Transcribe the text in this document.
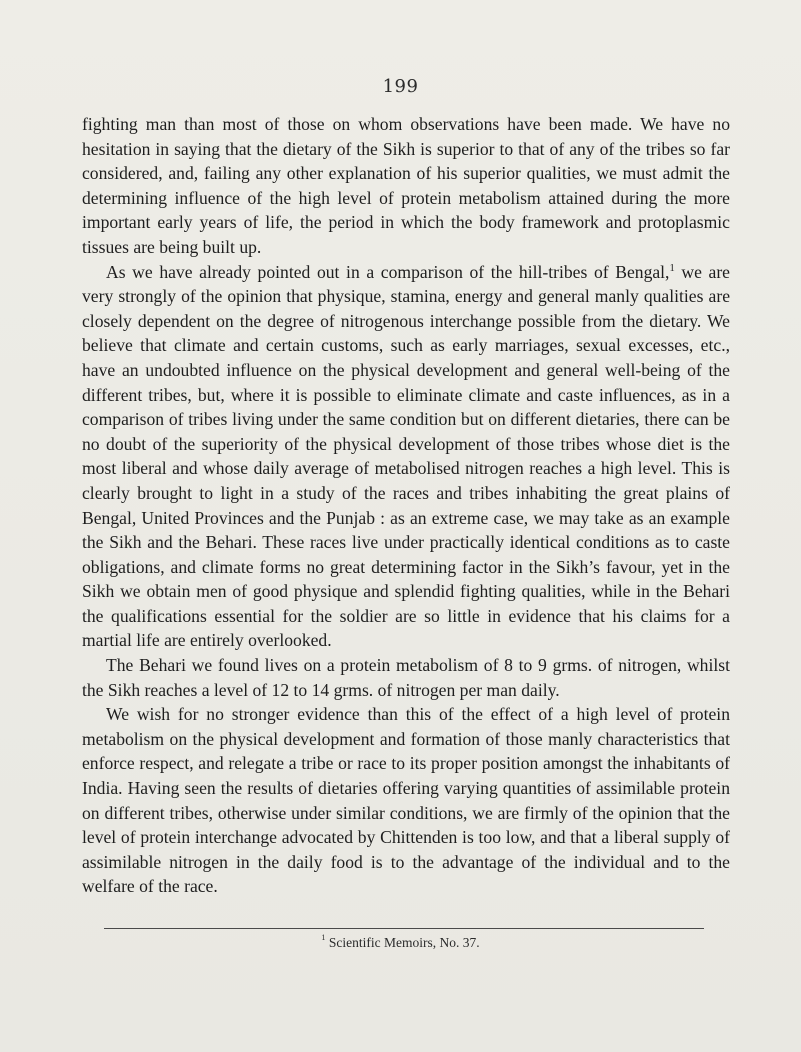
199

fighting man than most of those on whom observations have been made. We have no hesitation in saying that the dietary of the Sikh is superior to that of any of the tribes so far considered, and, failing any other explanation of his superior qualities, we must admit the determining influence of the high level of protein metabolism attained during the more important early years of life, the period in which the body framework and protoplasmic tissues are being built up.

As we have already pointed out in a comparison of the hill-tribes of Bengal,$^1$ we are very strongly of the opinion that physique, stamina, energy and general manly qualities are closely dependent on the degree of nitrogenous interchange possible from the dietary. We believe that climate and certain customs, such as early marriages, sexual excesses, etc., have an undoubted influence on the physical development and general well-being of the different tribes, but, where it is possible to eliminate climate and caste influences, as in a comparison of tribes living under the same condition but on different dietaries, there can be no doubt of the superiority of the physical development of those tribes whose diet is the most liberal and whose daily average of metabolised nitrogen reaches a high level. This is clearly brought to light in a study of the races and tribes inhabiting the great plains of Bengal, United Provinces and the Punjab : as an extreme case, we may take as an example the Sikh and the Behari. These races live under practically identical conditions as to caste obligations, and climate forms no great determining factor in the Sikh’s favour, yet in the Sikh we obtain men of good physique and splendid fighting qualities, while in the Behari the qualifications essential for the soldier are so little in evidence that his claims for a martial life are entirely overlooked.

The Behari we found lives on a protein metabolism of 8 to 9 grms. of nitrogen, whilst the Sikh reaches a level of 12 to 14 grms. of nitrogen per man daily.

We wish for no stronger evidence than this of the effect of a high level of protein metabolism on the physical development and formation of those manly characteristics that enforce respect, and relegate a tribe or race to its proper position amongst the inhabitants of India. Having seen the results of dietaries offering varying quantities of assimilable protein on different tribes, otherwise under similar conditions, we are firmly of the opinion that the level of protein interchange advocated by Chittenden is too low, and that a liberal supply of assimilable nitrogen in the daily food is to the advantage of the individual and to the welfare of the race.

$^1$ Scientific Memoirs, No. 37.
